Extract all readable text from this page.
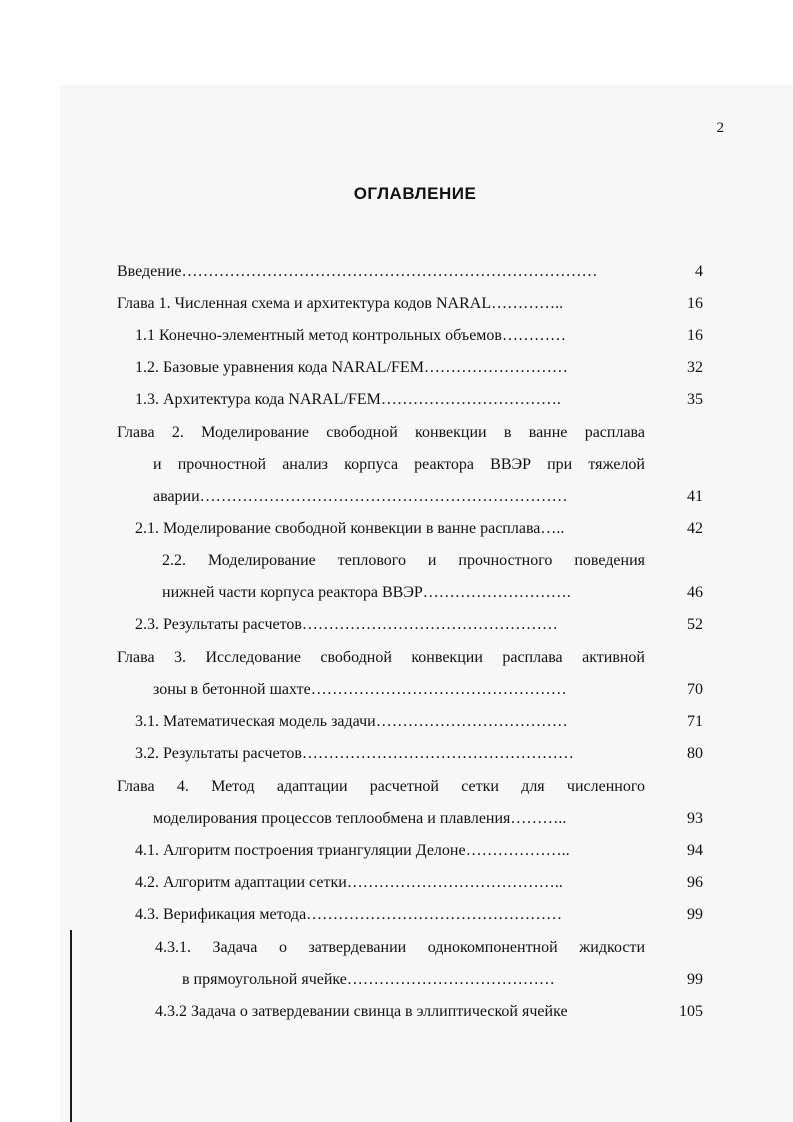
2
ОГЛАВЛЕНИЕ
Введение ……………………………………………………………………	4
Глава 1. Численная схема и архитектура кодов NARAL …………..	16
1.1 Конечно-элементный метод контрольных объемов …………	16
1.2. Базовые уравнения кода NARAL/FEM ………………………	32
1.3. Архитектура кода NARAL/FEM …………………………….	35
Глава 2. Моделирование свободной конвекции в ванне расплава
и прочностной анализ корпуса реактора ВВЭР при тяжелой
аварии ……………………………………………………………	41
2.1. Моделирование свободной конвекции в ванне расплава …..	42
2.2. Моделирование теплового и прочностного поведения
нижней части корпуса реактора ВВЭР ……………………….	46
2.3. Результаты расчетов …………………………………………	52
Глава 3. Исследование свободной конвекции расплава активной
зоны в бетонной шахте …………………………………………	70
3.1. Математическая модель задачи ………………………………	71
3.2. Результаты расчетов ……………………………………………	80
Глава 4. Метод адаптации расчетной сетки для численного
моделирования процессов теплообмена и плавления ………..	93
4.1. Алгоритм построения триангуляции Делоне ………………..	94
4.2. Алгоритм адаптации сетки …………………………………..	96
4.3. Верификация метода …………………………………………	99
4.3.1. Задача о затвердевании однокомпонентной жидкости
в прямоугольной ячейке …………………………………	99
4.3.2 Задача о затвердевании свинца в эллиптической ячейке	105
